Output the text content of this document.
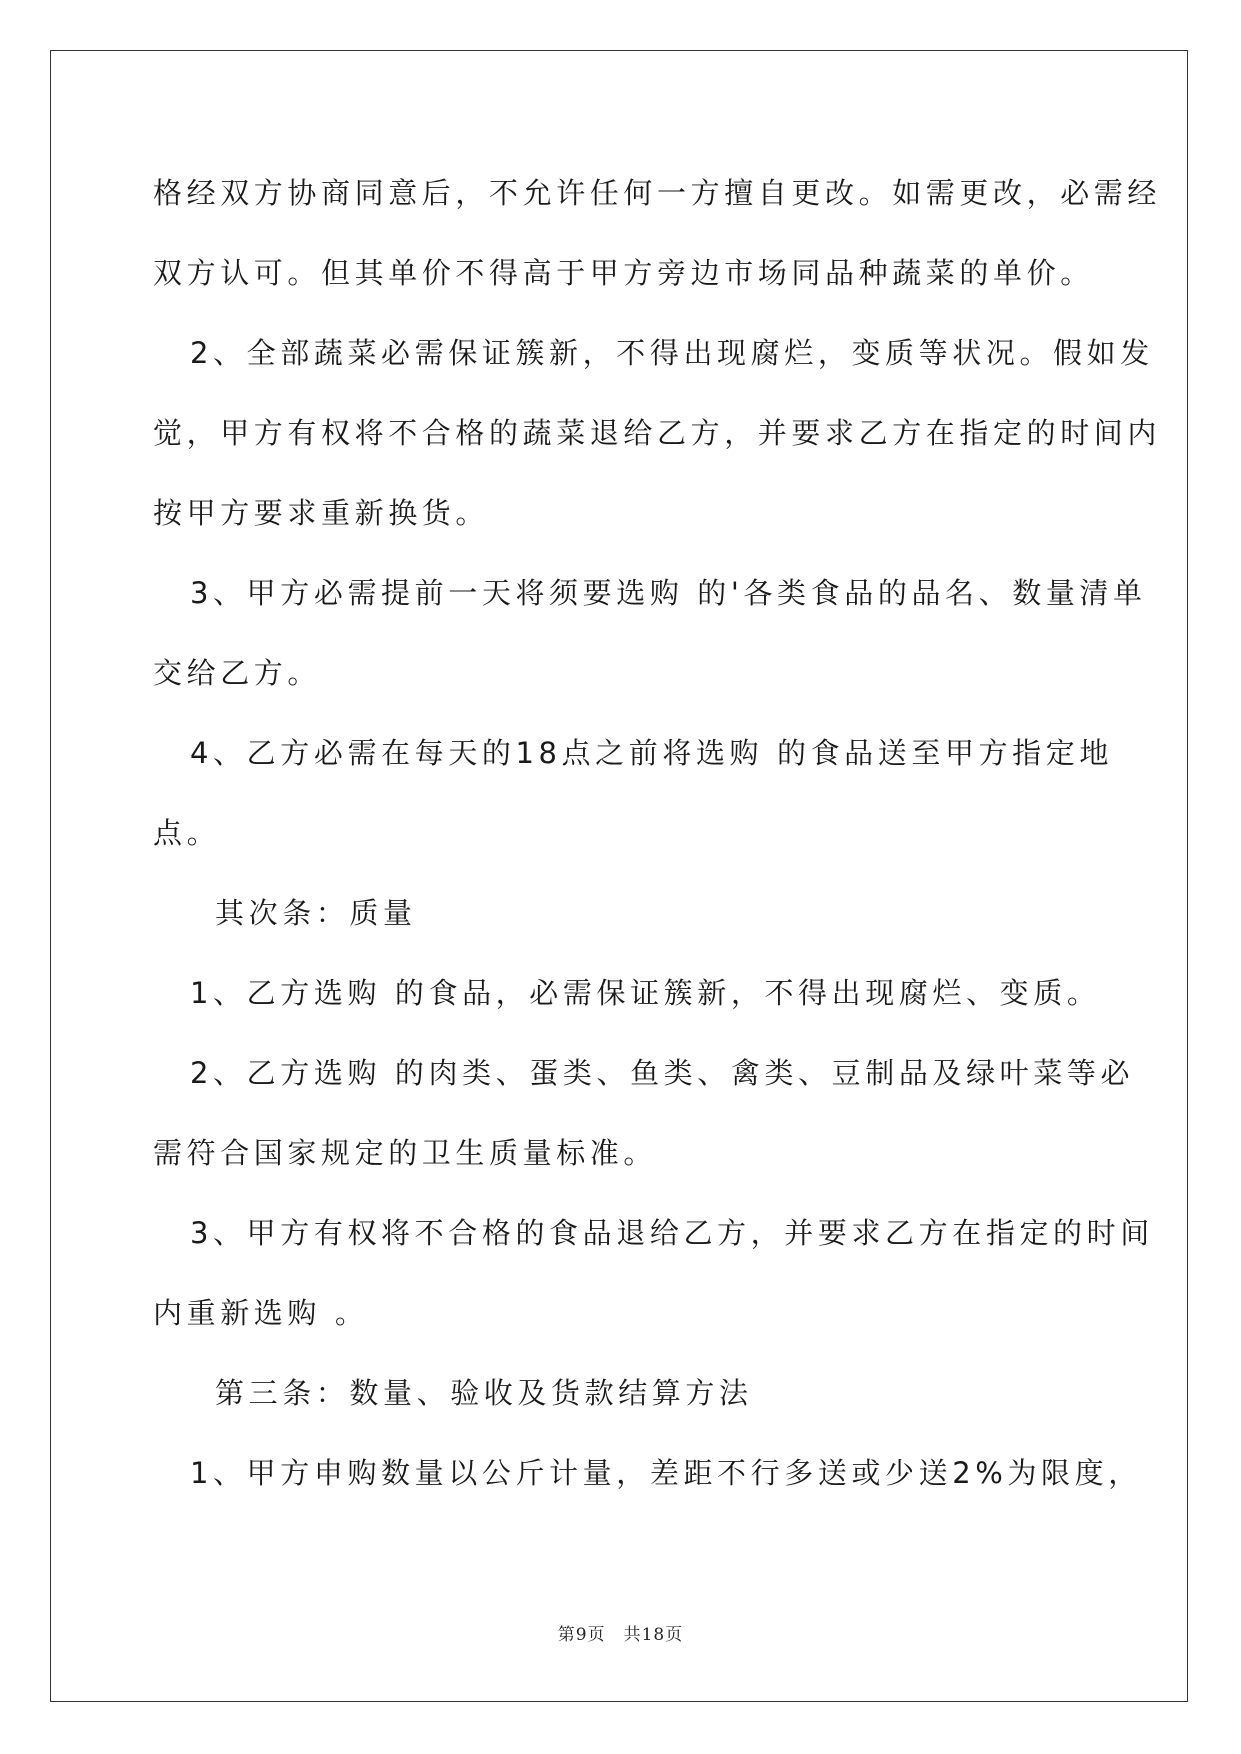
格经双方协商同意后，不允许任何一方擅自更改。如需更改，必需经
双方认可。但其单价不得高于甲方旁边市场同品种蔬菜的单价。
2、全部蔬菜必需保证簇新，不得出现腐烂，变质等状况。假如发
觉，甲方有权将不合格的蔬菜退给乙方，并要求乙方在指定的时间内
按甲方要求重新换货。
3、甲方必需提前一天将须要选购 的'各类食品的品名、数量清单
交给乙方。
4、乙方必需在每天的18点之前将选购 的食品送至甲方指定地
点。
其次条：质量
1、乙方选购 的食品，必需保证簇新，不得出现腐烂、变质。
2、乙方选购 的肉类、蛋类、鱼类、禽类、豆制品及绿叶菜等必
需符合国家规定的卫生质量标准。
3、甲方有权将不合格的食品退给乙方，并要求乙方在指定的时间
内重新选购 。
第三条：数量、验收及货款结算方法
1、甲方申购数量以公斤计量，差距不行多送或少送2%为限度，
第9页　共18页
